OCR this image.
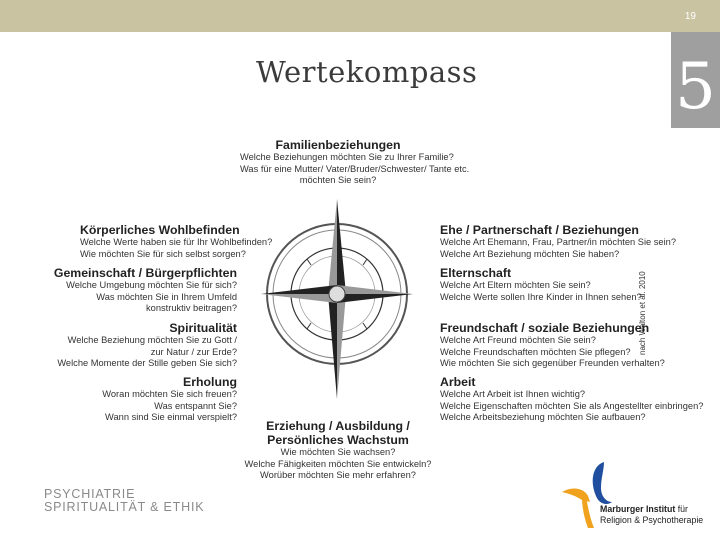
19
5
nach Walton et al. 2010
Wertekompass
Familienbeziehungen
Welche Beziehungen möchten Sie zu Ihrer Familie?
Was für eine Mutter/ Vater/Bruder/Schwester/ Tante etc.
möchten Sie sein?
Körperliches Wohlbefinden
Welche Werte haben sie für Ihr Wohlbefinden?
Wie möchten Sie für sich selbst sorgen?
Gemeinschaft / Bürgerpflichten
Welche Umgebung möchten Sie für sich?
Was möchten Sie in Ihrem Umfeld
konstruktiv beitragen?
Spiritualität
Welche Beziehung möchten Sie zu Gott /
zur Natur / zur Erde?
Welche Momente der Stille geben Sie sich?
Erholung
Woran möchten Sie sich freuen?
Was entspannt Sie?
Wann sind Sie einmal verspielt?
Erziehung / Ausbildung /
Persönliches Wachstum
Wie möchten Sie wachsen?
Welche Fähigkeiten möchten Sie entwickeln?
Worüber möchten Sie mehr erfahren?
Ehe / Partnerschaft / Beziehungen
Welche Art Ehemann, Frau, Partner/in möchten Sie sein?
Welche Art Beziehung möchten Sie haben?
Elternschaft
Welche Art Eltern möchten Sie sein?
Welche Werte sollen Ihre Kinder in Ihnen sehen?
Freundschaft / soziale Beziehungen
Welche Art Freund möchten Sie sein?
Welche Freundschaften möchten Sie pflegen?
Wie möchten Sie sich gegenüber Freunden verhalten?
Arbeit
Welche Art Arbeit ist Ihnen wichtig?
Welche Eigenschaften möchten Sie als Angestellter einbringen?
Welche Arbeitsbeziehung möchten Sie aufbauen?
PSYCHIATRIE
SPIRITUALITÄT & ETHIK	Marburger Institut für
Religion & Psychotherapie
